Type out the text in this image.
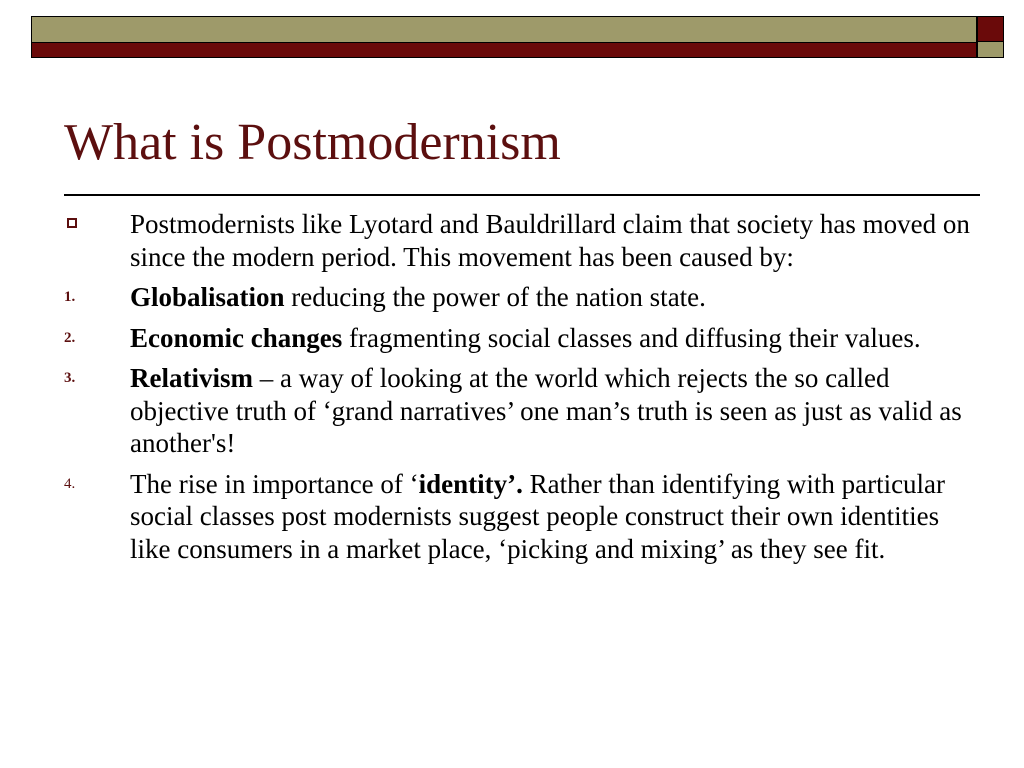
What is Postmodernism
Postmodernists like Lyotard and Bauldrillard claim that society has moved on since the modern period. This movement has been caused by:
1. Globalisation reducing the power of the nation state.
2. Economic changes fragmenting social classes and diffusing their values.
3. Relativism – a way of looking at the world which rejects the so called objective truth of ‘grand narratives’ one man’s truth is seen as just as valid as another's!
4. The rise in importance of ‘identity’. Rather than identifying with particular social classes post modernists suggest people construct their own identities like consumers in a market place, ‘picking and mixing’ as they see fit.
